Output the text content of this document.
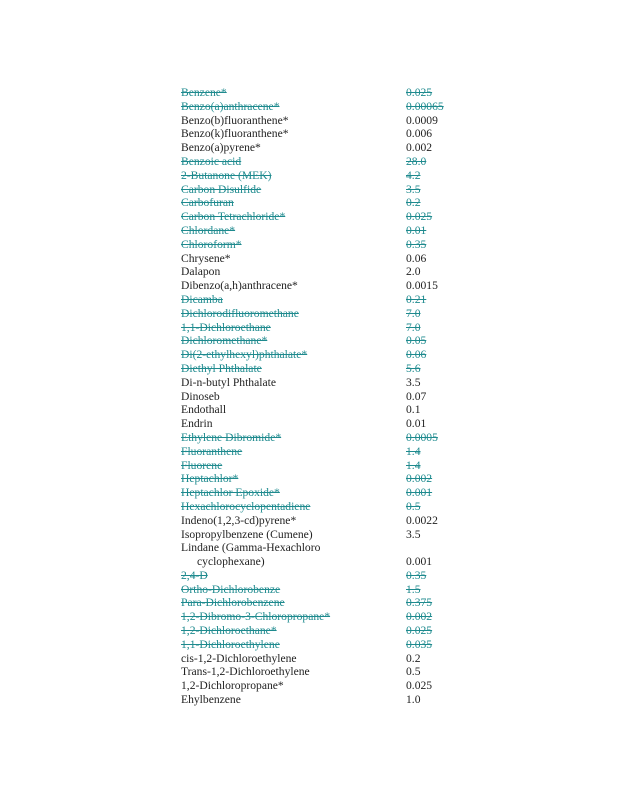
Benzene*	0.025
Benzo(a)anthracene*	0.00065
Benzo(b)fluoranthene*	0.0009
Benzo(k)fluoranthene*	0.006
Benzo(a)pyrene*	0.002
Benzoic acid	28.0
2-Butanone (MEK)	4.2
Carbon Disulfide	3.5
Carbofuran	0.2
Carbon Tetrachloride*	0.025
Chlordane*	0.01
Chloroform*	0.35
Chrysene*	0.06
Dalapon	2.0
Dibenzo(a,h)anthracene*	0.0015
Dicamba	0.21
Dichlorodifluoromethane	7.0
1,1-Dichloroethane	7.0
Dichloromethane*	0.05
Di(2-ethylhexyl)phthalate*	0.06
Diethyl Phthalate	5.6
Di-n-butyl Phthalate	3.5
Dinoseb	0.07
Endothall	0.1
Endrin	0.01
Ethylene Dibromide*	0.0005
Fluoranthene	1.4
Fluorene	1.4
Heptachlor*	0.002
Heptachlor Epoxide*	0.001
Hexachlorocyclopentadiene	0.5
Indeno(1,2,3-cd)pyrene*	0.0022
Isopropylbenzene (Cumene)	3.5
Lindane (Gamma-Hexachloro
cyclophexane)	0.001
2,4-D	0.35
Ortho-Dichlorobenze	1.5
Para-Dichlorobenzene	0.375
1,2-Dibromo-3-Chloropropane*	0.002
1,2-Dichloroethane*	0.025
1,1-Dichloroethylene	0.035
cis-1,2-Dichloroethylene	0.2
Trans-1,2-Dichloroethylene	0.5
1,2-Dichloropropane*	0.025
Ehylbenzene	1.0
